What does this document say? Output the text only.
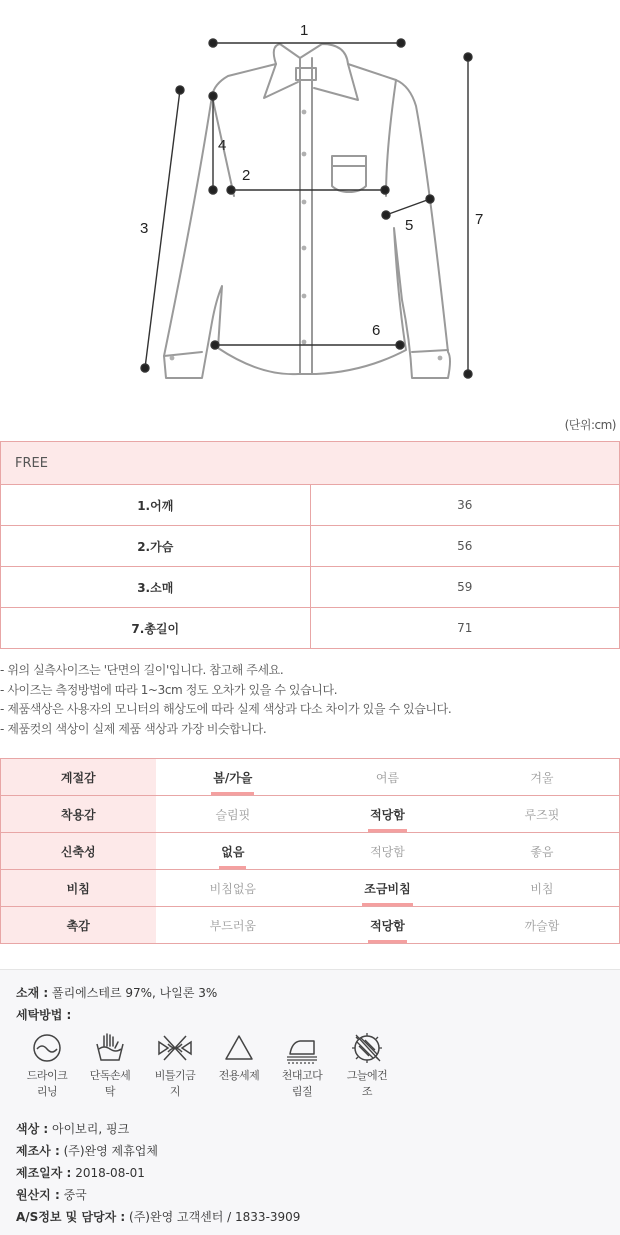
1
2
3
4
5
6
7
(단위:cm)
FREE	
1.어깨	36
2.가슴	56
3.소매	59
7.총길이	71
- 위의 실측사이즈는 '단면의 길이'입니다. 참고해 주세요.
- 사이즈는 측정방법에 따라 1~3cm 정도 오차가 있을 수 있습니다.
- 제품색상은 사용자의 모니터의 해상도에 따라 실제 색상과 다소 차이가 있을 수 있습니다.
- 제품컷의 색상이 실제 제품 색상과 가장 비슷합니다.
계절감	봄/가을	여름	겨울
착용감	슬림핏	적당함	루즈핏
신축성	없음	적당함	좋음
비침	비침없음	조금비침	비침
촉감	부드러움	적당함	까슬함
소재 : 폴리에스테르 97%, 나일론 3%
세탁방법 :
드라이크
리닝
단독손세
탁
비틀기금
지
전용세제	천대고다
림질
그늘에건
조
색상 : 아이보리, 핑크
제조사 : (주)완영 제휴업체
제조일자 : 2018-08-01
원산지 : 중국
A/S정보 및 담당자 : (주)완영 고객센터 / 1833-3909
